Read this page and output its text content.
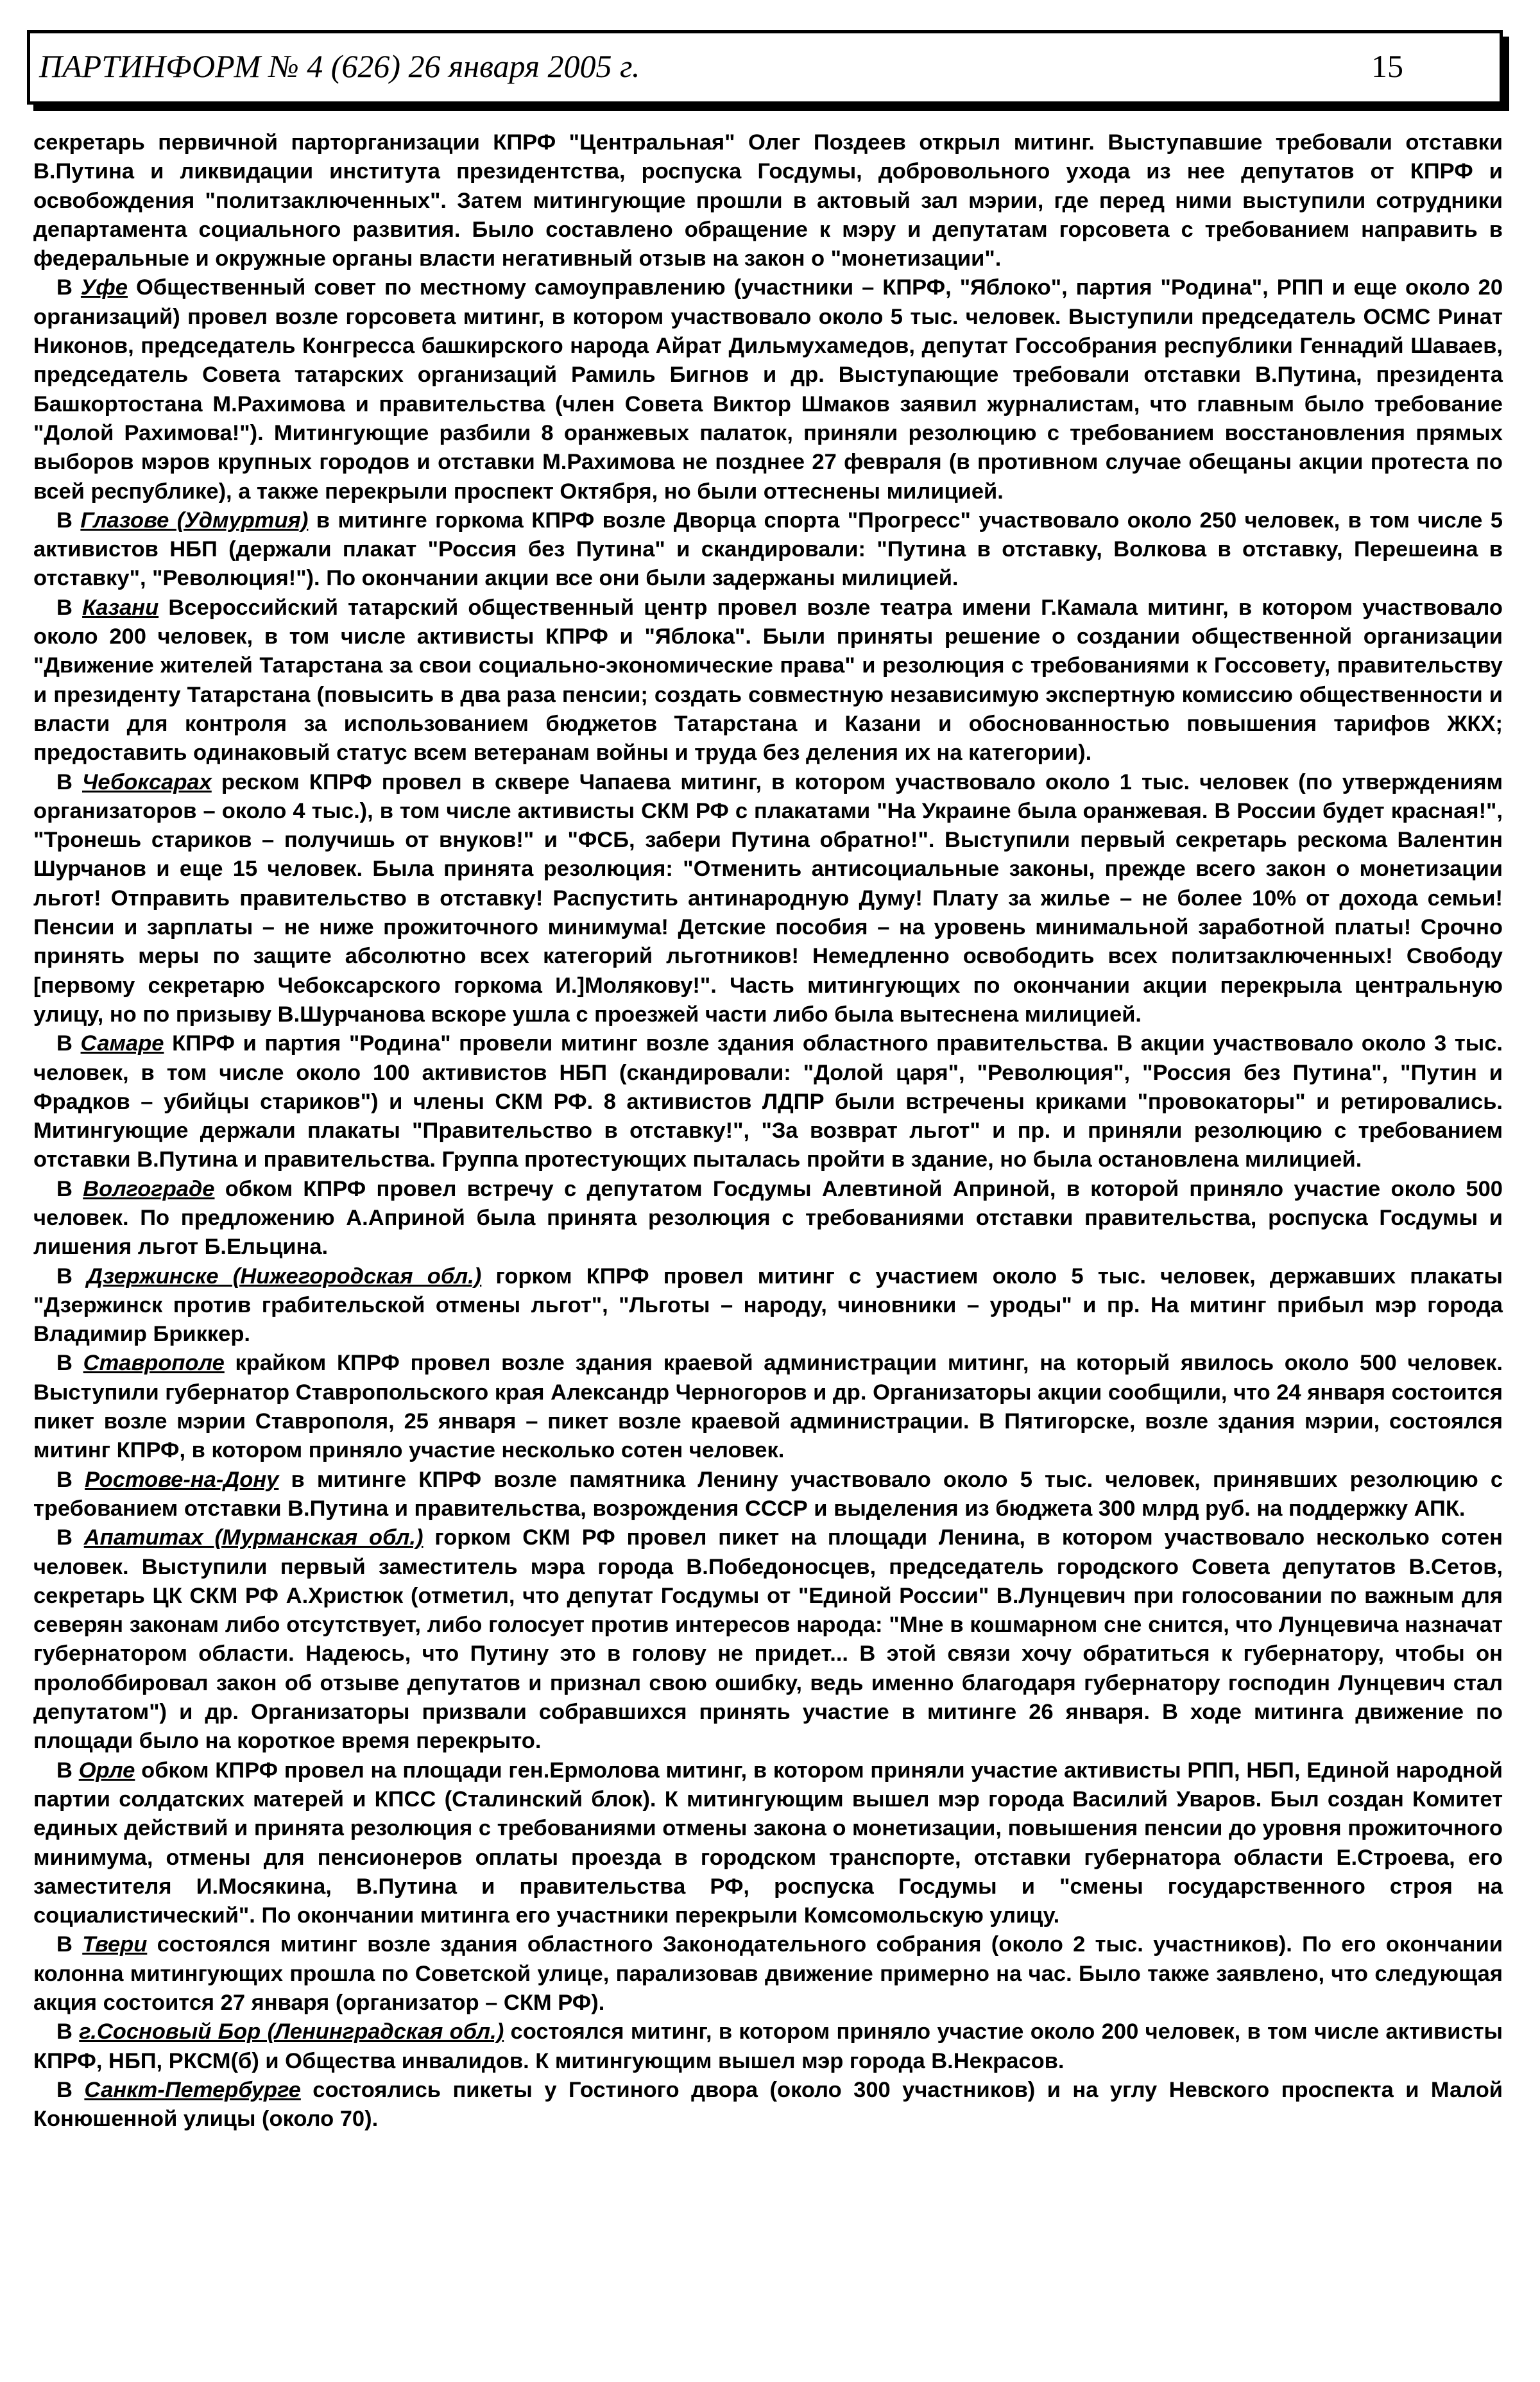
ПАРТИНФОРМ № 4 (626) 26 января 2005 г.	15

секретарь первичной парторганизации КПРФ "Центральная" Олег Поздеев открыл митинг. Выступавшие требовали отставки В.Путина и ликвидации института президентства, роспуска Госдумы, добровольного ухода из нее депутатов от КПРФ и освобождения "политзаключенных". Затем митингующие прошли в актовый зал мэрии, где перед ними выступили сотрудники департамента социального развития. Было составлено обращение к мэру и депутатам горсовета с требованием направить в федеральные и окружные органы власти негативный отзыв на закон о "монетизации".

В Уфе Общественный совет по местному самоуправлению (участники – КПРФ, "Яблоко", партия "Родина", РПП и еще около 20 организаций) провел возле горсовета митинг, в котором участвовало около 5 тыс. человек. Выступили председатель ОСМС Ринат Никонов, председатель Конгресса башкирского народа Айрат Дильмухамедов, депутат Госсобрания республики Геннадий Шаваев, председатель Совета татарских организаций Рамиль Бигнов и др. Выступающие требовали отставки В.Путина, президента Башкортостана М.Рахимова и правительства (член Совета Виктор Шмаков заявил журналистам, что главным было требование "Долой Рахимова!"). Митингующие разбили 8 оранжевых палаток, приняли резолюцию с требованием восстановления прямых выборов мэров крупных городов и отставки М.Рахимова не позднее 27 февраля (в противном случае обещаны акции протеста по всей республике), а также перекрыли проспект Октября, но были оттеснены милицией.

В Глазове (Удмуртия) в митинге горкома КПРФ возле Дворца спорта "Прогресс" участвовало около 250 человек, в том числе 5 активистов НБП (держали плакат "Россия без Путина" и скандировали: "Путина в отставку, Волкова в отставку, Перешеина в отставку", "Революция!"). По окончании акции все они были задержаны милицией.

В Казани Всероссийский татарский общественный центр провел возле театра имени Г.Камала митинг, в котором участвовало около 200 человек, в том числе активисты КПРФ и "Яблока". Были приняты решение о создании общественной организации "Движение жителей Татарстана за свои социально-экономические права" и резолюция с требованиями к Госсовету, правительству и президенту Татарстана (повысить в два раза пенсии; создать совместную независимую экспертную комиссию общественности и власти для контроля за использованием бюджетов Татарстана и Казани и обоснованностью повышения тарифов ЖКХ; предоставить одинаковый статус всем ветеранам войны и труда без деления их на категории).

В Чебоксарах реском КПРФ провел в сквере Чапаева митинг, в котором участвовало около 1 тыс. человек (по утверждениям организаторов – около 4 тыс.), в том числе активисты СКМ РФ с плакатами "На Украине была оранжевая. В России будет красная!", "Тронешь стариков – получишь от внуков!" и "ФСБ, забери Путина обратно!". Выступили первый секретарь рескома Валентин Шурчанов и еще 15 человек. Была принята резолюция: "Отменить антисоциальные законы, прежде всего закон о монетизации льгот! Отправить правительство в отставку! Распустить антинародную Думу! Плату за жилье – не более 10% от дохода семьи! Пенсии и зарплаты – не ниже прожиточного минимума! Детские пособия – на уровень минимальной заработной платы! Срочно принять меры по защите абсолютно всех категорий льготников! Немедленно освободить всех политзаключенных! Свободу [первому секретарю Чебоксарского горкома И.]Молякову!". Часть митингующих по окончании акции перекрыла центральную улицу, но по призыву В.Шурчанова вскоре ушла с проезжей части либо была вытеснена милицией.

В Самаре КПРФ и партия "Родина" провели митинг возле здания областного правительства. В акции участвовало около 3 тыс. человек, в том числе около 100 активистов НБП (скандировали: "Долой царя", "Революция", "Россия без Путина", "Путин и Фрадков – убийцы стариков") и члены СКМ РФ. 8 активистов ЛДПР были встречены криками "провокаторы" и ретировались. Митингующие держали плакаты "Правительство в отставку!", "За возврат льгот" и пр. и приняли резолюцию с требованием отставки В.Путина и правительства. Группа протестующих пыталась пройти в здание, но была остановлена милицией.

В Волгограде обком КПРФ провел встречу с депутатом Госдумы Алевтиной Априной, в которой приняло участие около 500 человек. По предложению А.Априной была принята резолюция с требованиями отставки правительства, роспуска Госдумы и лишения льгот Б.Ельцина.

В Дзержинске (Нижегородская обл.) горком КПРФ провел митинг с участием около 5 тыс. человек, державших плакаты "Дзержинск против грабительской отмены льгот", "Льготы – народу, чиновники – уроды" и пр. На митинг прибыл мэр города Владимир Бриккер.

В Ставрополе крайком КПРФ провел возле здания краевой администрации митинг, на который явилось около 500 человек. Выступили губернатор Ставропольского края Александр Черногоров и др. Организаторы акции сообщили, что 24 января состоится пикет возле мэрии Ставрополя, 25 января – пикет возле краевой администрации. В Пятигорске, возле здания мэрии, состоялся митинг КПРФ, в котором приняло участие несколько сотен человек.

В Ростове-на-Дону в митинге КПРФ возле памятника Ленину участвовало около 5 тыс. человек, принявших резолюцию с требованием отставки В.Путина и правительства, возрождения СССР и выделения из бюджета 300 млрд руб. на поддержку АПК.

В Апатитах (Мурманская обл.) горком СКМ РФ провел пикет на площади Ленина, в котором участвовало несколько сотен человек. Выступили первый заместитель мэра города В.Победоносцев, председатель городского Совета депутатов В.Сетов, секретарь ЦК СКМ РФ А.Христюк (отметил, что депутат Госдумы от "Единой России" В.Лунцевич при голосовании по важным для северян законам либо отсутствует, либо голосует против интересов народа: "Мне в кошмарном сне снится, что Лунцевича назначат губернатором области. Надеюсь, что Путину это в голову не придет... В этой связи хочу обратиться к губернатору, чтобы он пролоббировал закон об отзыве депутатов и признал свою ошибку, ведь именно благодаря губернатору господин Лунцевич стал депутатом") и др. Организаторы призвали собравшихся принять участие в митинге 26 января. В ходе митинга движение по площади было на короткое время перекрыто.

В Орле обком КПРФ провел на площади ген.Ермолова митинг, в котором приняли участие активисты РПП, НБП, Единой народной партии солдатских матерей и КПСС (Сталинский блок). К митингующим вышел мэр города Василий Уваров. Был создан Комитет единых действий и принята резолюция с требованиями отмены закона о монетизации, повышения пенсии до уровня прожиточного минимума, отмены для пенсионеров оплаты проезда в городском транспорте, отставки губернатора области Е.Строева, его заместителя И.Мосякина, В.Путина и правительства РФ, роспуска Госдумы и "смены государственного строя на социалистический". По окончании митинга его участники перекрыли Комсомольскую улицу.

В Твери состоялся митинг возле здания областного Законодательного собрания (около 2 тыс. участников). По его окончании колонна митингующих прошла по Советской улице, парализовав движение примерно на час. Было также заявлено, что следующая акция состоится 27 января (организатор – СКМ РФ).

В г.Сосновый Бор (Ленинградская обл.) состоялся митинг, в котором приняло участие около 200 человек, в том числе активисты КПРФ, НБП, РКСМ(б) и Общества инвалидов. К митингующим вышел мэр города В.Некрасов.

В Санкт-Петербурге состоялись пикеты у Гостиного двора (около 300 участников) и на углу Невского проспекта и Малой Конюшенной улицы (около 70).
